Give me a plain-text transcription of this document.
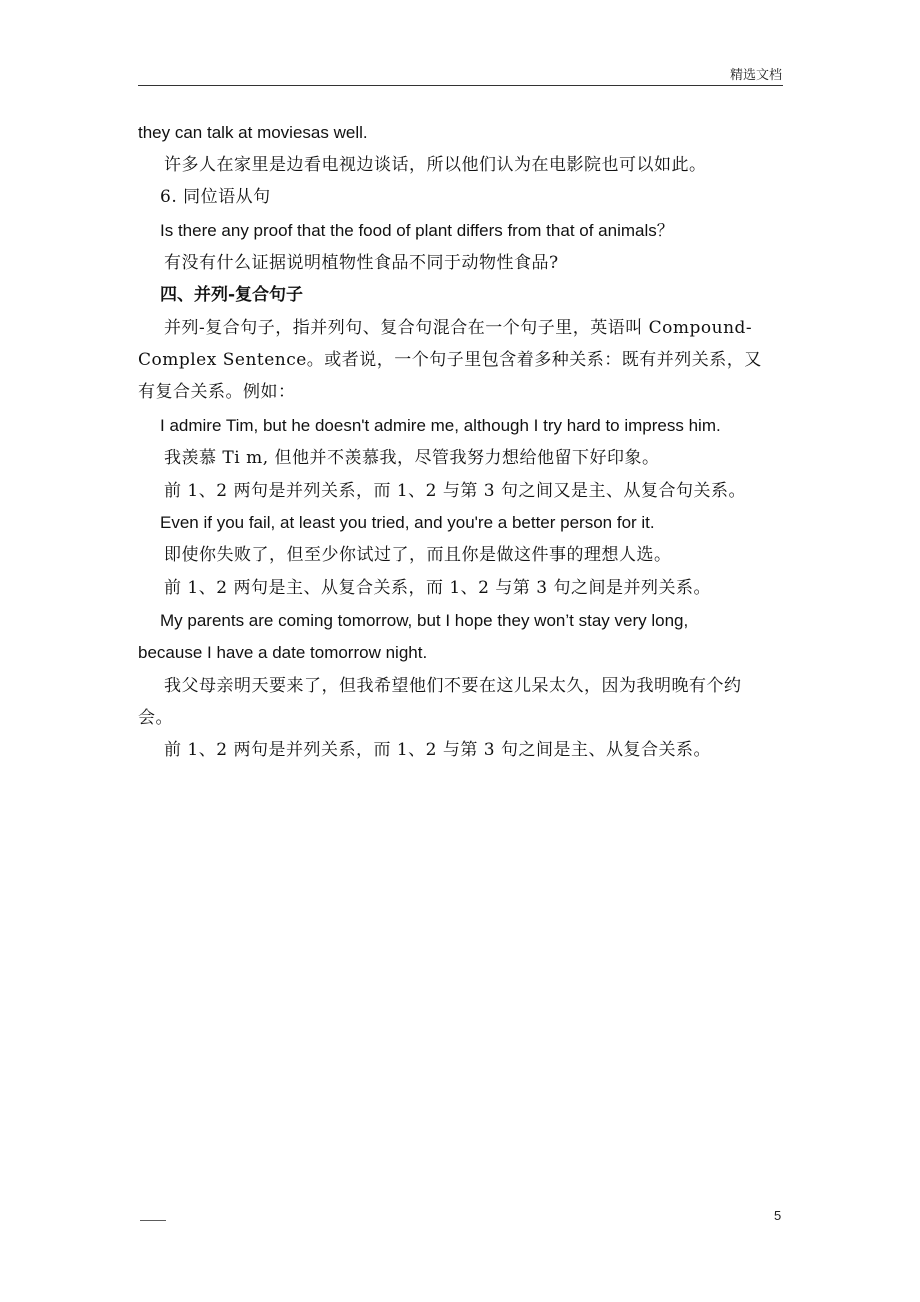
精选文档
they can talk at moviesas well.
许多人在家里是边看电视边谈话，所以他们认为在电影院也可以如此。
6. 同位语从句
Is there any proof that the food of plant differs from that of animals？
有没有什么证据说明植物性食品不同于动物性食品?
四、并列-复合句子
并列-复合句子，指并列句、复合句混合在一个句子里，英语叫 Compound-
Complex Sentence。或者说，一个句子里包含着多种关系：既有并列关系，又
有复合关系。例如：
I admire Tim, but he doesn't admire me, although I try hard to impress him.
我羡慕 Ti m, 但他并不羡慕我，尽管我努力想给他留下好印象。
前 1、2 两句是并列关系，而 1、2 与第 3 句之间又是主、从复合句关系。
Even if you fail, at least you tried, and you're a better person for it.
即使你失败了，但至少你试过了，而且你是做这件事的理想人选。
前 1、2 两句是主、从复合关系，而 1、2 与第 3 句之间是并列关系。
My parents are coming tomorrow, but I hope they won’t stay very long,
because I have a date tomorrow night.
我父母亲明天要来了，但我希望他们不要在这儿呆太久，因为我明晚有个约
会。
前 1、2 两句是并列关系，而 1、2 与第 3 句之间是主、从复合关系。
——	5
